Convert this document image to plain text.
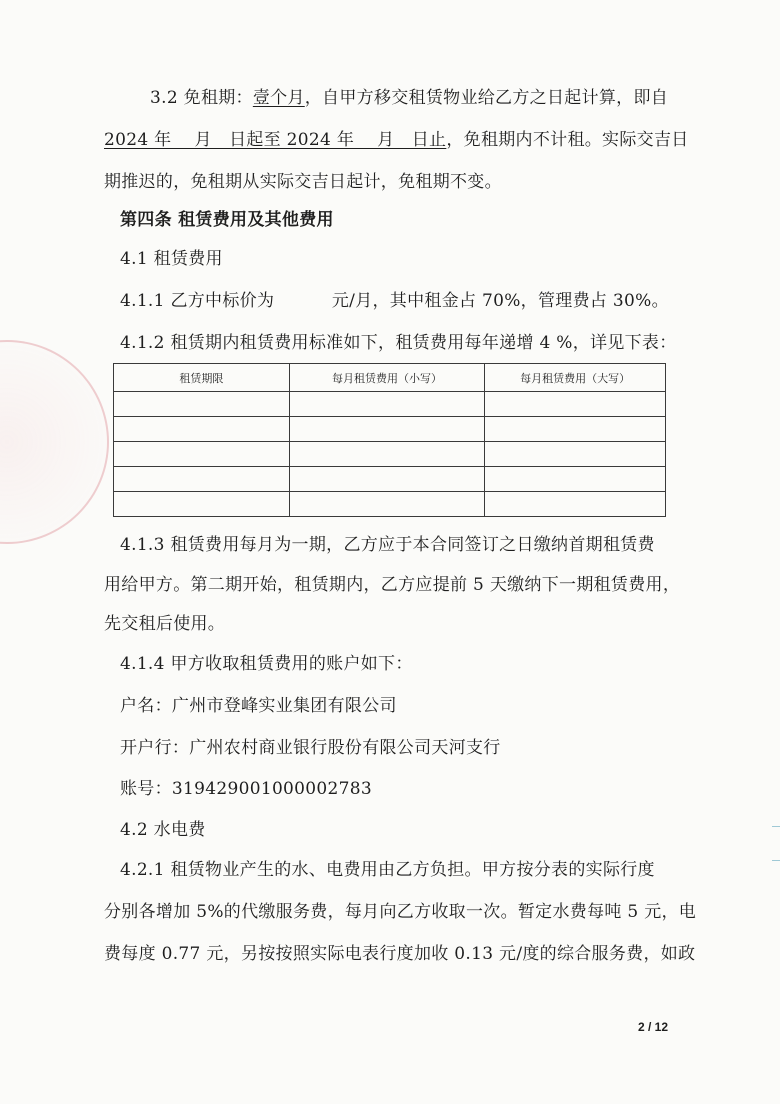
3.2 免租期：壹个月，自甲方移交租赁物业给乙方之日起计算，即自
2024 年　 月　日起至 2024 年　 月　日止，免租期内不计租。实际交吉日
期推迟的，免租期从实际交吉日起计，免租期不变。
第四条 租赁费用及其他费用
4.1 租赁费用
4.1.1 乙方中标价为　　　 元/月，其中租金占 70%，管理费占 30%。
4.1.2 租赁期内租赁费用标准如下，租赁费用每年递增 4 %，详见下表：
租赁期限	每月租赁费用（小写）	每月租赁费用（大写）

4.1.3 租赁费用每月为一期，乙方应于本合同签订之日缴纳首期租赁费
用给甲方。第二期开始，租赁期内，乙方应提前 5 天缴纳下一期租赁费用，
先交租后使用。
4.1.4 甲方收取租赁费用的账户如下：
户名：广州市登峰实业集团有限公司
开户行：广州农村商业银行股份有限公司天河支行
账号：319429001000002783
4.2 水电费
4.2.1 租赁物业产生的水、电费用由乙方负担。甲方按分表的实际行度
分别各增加 5%的代缴服务费，每月向乙方收取一次。暂定水费每吨 5 元，电
费每度 0.77 元，另按按照实际电表行度加收 0.13 元/度的综合服务费，如政
2 / 12
